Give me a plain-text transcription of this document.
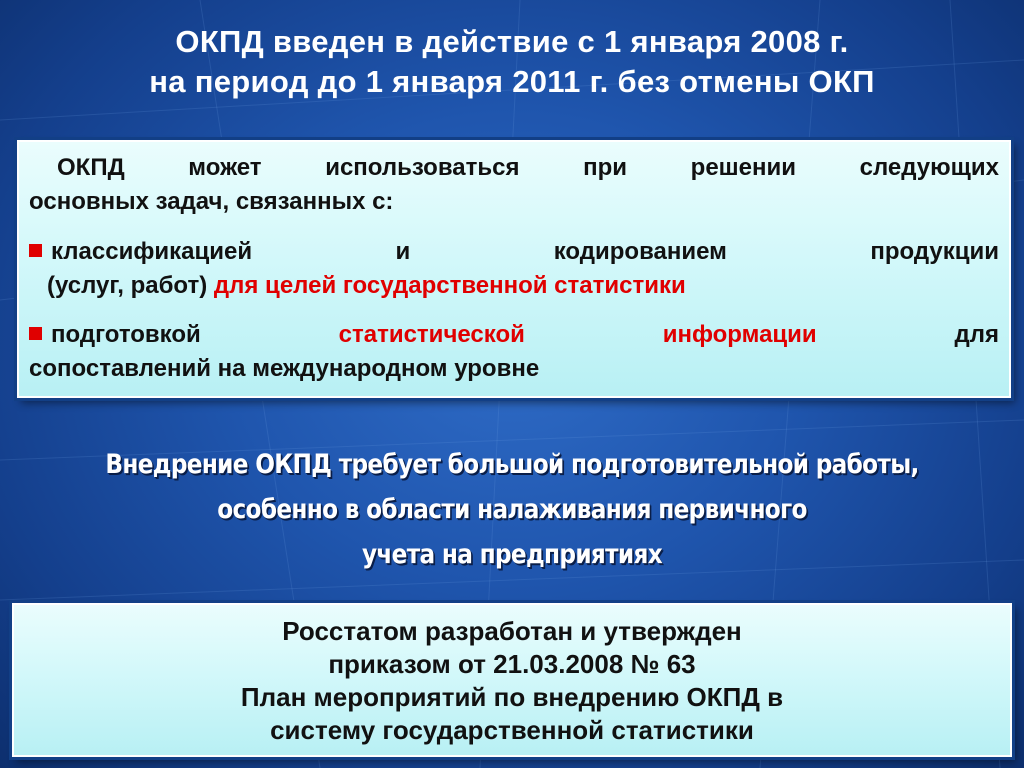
ОКПД введен в действие с 1 января 2008 г.
на период до 1 января 2011 г. без отмены ОКП
ОКПД может использоваться при решении следующих
основных задач, связанных с:
классификацией и кодированием продукции
(услуг, работ) для целей государственной статистики
подготовкой	статистической	информации	для
сопоставлений на международном уровне
Внедрение ОКПД требует большой подготовительной работы,
особенно в области налаживания первичного
учета на предприятиях
Росстатом разработан и утвержден
приказом от 21.03.2008 № 63
План мероприятий по внедрению ОКПД в
систему государственной статистики
